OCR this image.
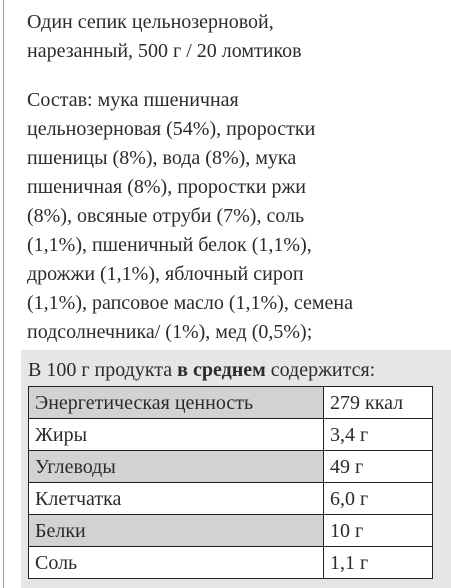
Один сепик цельнозерновой,
нарезанный, 500 г / 20 ломтиков
Состав: мука пшеничная
цельнозерновая (54%), проростки
пшеницы (8%), вода (8%), мука
пшеничная (8%), проростки ржи
(8%), овсяные отруби (7%), соль
(1,1%), пшеничный белок (1,1%),
дрожжи (1,1%), яблочный сироп
(1,1%), рапсовое масло (1,1%), семена
подсолнечника/ (1%), мед (0,5%);
В 100 г продукта в среднем содержится:
Энергетическая ценность	279 ккал
Жиры	3,4 г
Углеводы	49 г
Клетчатка	6,0 г
Белки	10 г
Соль	1,1 г
